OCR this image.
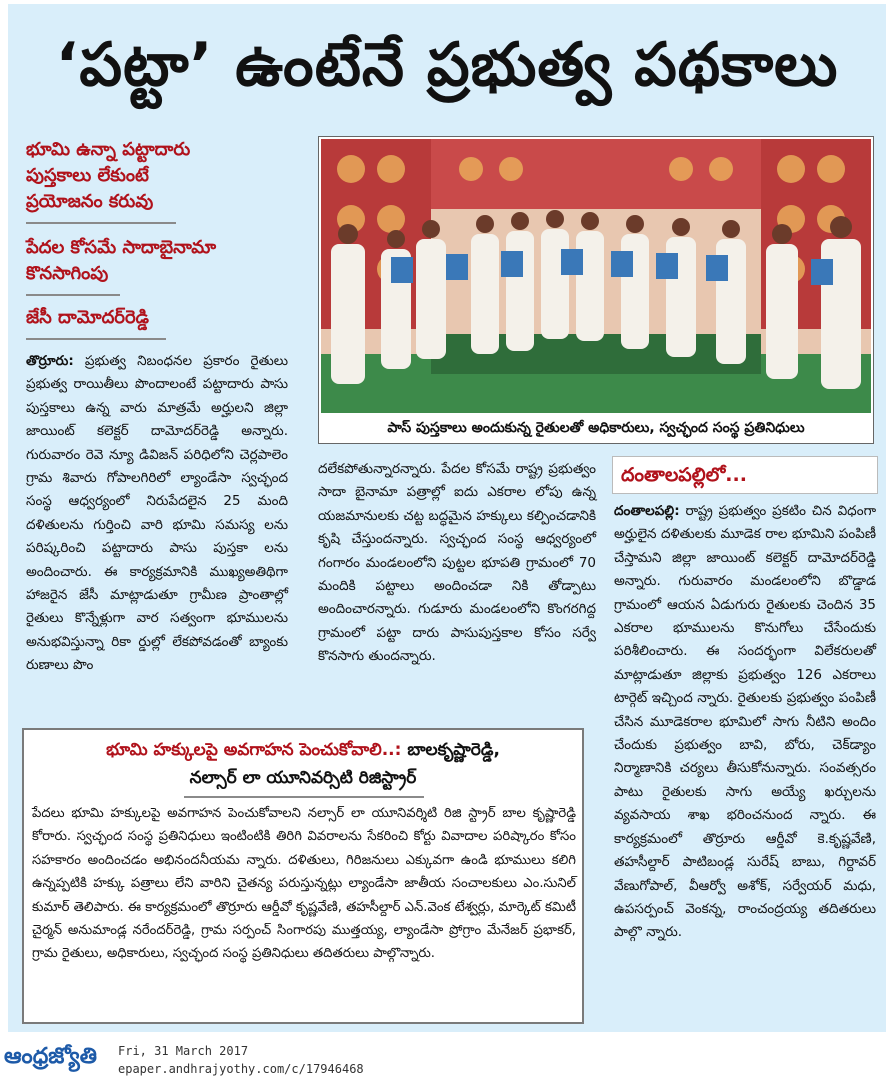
‘పట్టా’ ఉంటేనే ప్రభుత్వ పథకాలు
భూమి ఉన్నా పట్టాదారు
పుస్తకాలు లేకుంటే
ప్రయోజనం కరువు
పేదల కోసమే సాదాబైనామా
కొనసాగింపు
జేసీ దామోదర్‌రెడ్డి
పాస్ పుస్తకాలు అందుకున్న రైతులతో అధికారులు, స్వచ్ఛంద సంస్థ ప్రతినిధులు
తొర్రూరు: ప్రభుత్వ నిబంధనల ప్రకారం రైతులు ప్రభుత్వ రాయితీలు పొందాలంటే పట్టాదారు పాసు పుస్తకాలు ఉన్న వారు మాత్రమే అర్హులని జిల్లా జాయింట్ కలెక్టర్ దామోదర్‌రెడ్డి అన్నారు. గురువారం రెవె న్యూ డివిజన్ పరిధిలోని చెర్లపాలెం గ్రామ శివారు గోపాలగిరిలో ల్యాండేసా స్వచ్ఛంద సంస్థ ఆధ్వర్యంలో నిరుపేదలైన 25 మంది దళితులను గుర్తించి వారి భూమి సమస్య లను పరిష్కరించి పట్టాదారు పాసు పుస్తకా లను అందించారు. ఈ కార్యక్రమానికి ముఖ్యఅతిథిగా హాజరైన జేసీ మాట్లాడుతూ గ్రామీణ ప్రాంతాల్లో రైతులు కొన్నేళ్లుగా వార సత్వంగా భూములను అనుభవిస్తున్నా రికా ర్డుల్లో లేకపోవడంతో బ్యాంకు రుణాలు పొం
దలేకపోతున్నారన్నారు. పేదల కోసమే రాష్ట్ర ప్రభుత్వం సాదా బైనామా పత్రాల్లో ఐదు ఎకరాల లోపు ఉన్న యజమానులకు చట్ట బద్ధమైన హక్కులు కల్పించడానికి కృషి చేస్తుందన్నారు. స్వచ్ఛంద సంస్థ ఆధ్వర్యంలో గంగారం మండలంలోని పుట్టల భూపతి గ్రామంలో 70 మందికి పట్టాలు అందించడా నికి తోడ్పాటు అందించారన్నారు. గుడూరు మండలంలోని కొంగరగిద్ద గ్రామంలో పట్టా దారు పాసుపుస్తకాల కోసం సర్వే కొనసాగు తుందన్నారు.
దంతాలపల్లిలో...
దంతాలపల్లి: రాష్ట్ర ప్రభుత్వం ప్రకటిం చిన విధంగా అర్హులైన దళితులకు మూడెక రాల భూమిని పంపిణీ చేస్తామని జిల్లా జాయింట్ కలెక్టర్ దామోదర్‌రెడ్డి అన్నారు. గురువారం మండలంలోని బొడ్డాడ గ్రామంలో ఆయన ఏడుగురు రైతులకు చెందిన 35 ఎకరాల భూములను కొనుగోలు చేసేందుకు పరిశీలించారు. ఈ సందర్భంగా విలేకరులతో మాట్లాడుతూ జిల్లాకు ప్రభుత్వం 126 ఎకరాలు టార్గెట్ ఇచ్చింద న్నారు. రైతులకు ప్రభుత్వం పంపిణీ చేసిన మూడెకరాల భూమిలో సాగు నీటిని అందిం చేందుకు ప్రభుత్వం బావి, బోరు, చెక్‌డ్యాం నిర్మాణానికి చర్యలు తీసుకోనున్నారు. సంవత్సరం పాటు రైతులకు సాగు అయ్యే ఖర్చులను వ్యవసాయ శాఖ భరించనుంద న్నారు. ఈ కార్యక్రమంలో తొర్రూరు ఆర్డీవో కె.కృష్ణవేణి, తహసీల్దార్ పాటిబండ్ల సురేష్ బాబు, గిర్దావర్ వేణుగోపాల్, వీఆర్వో అశోక్, సర్వేయర్ మధు, ఉపసర్పంచ్ వెంకన్న, రాంచంద్రయ్య తదితరులు పాల్గొ న్నారు.
భూమి హక్కులపై అవగాహన పెంచుకోవాలి..: బాలకృష్ణారెడ్డి,
నల్సార్ లా యూనివర్సిటి రిజిస్ట్రార్
పేదలు భూమి హక్కులపై అవగాహన పెంచుకోవాలని నల్సార్ లా యూనివర్శిటి రిజి స్ట్రార్ బాల కృష్ణారెడ్డి కోరారు. స్వచ్ఛంద సంస్థ ప్రతినిధులు ఇంటింటికి తిరిగి వివరాలను సేకరించి కోర్టు వివాదాల పరిష్కారం కోసం సహకారం అందించడం అభినందనీయమ న్నారు. దళితులు, గిరిజనులు ఎక్కువగా ఉండి భూములు కలిగి ఉన్నప్పటికి హక్కు పత్రాలు లేని వారిని చైతన్య పరుస్తున్నట్లు ల్యాండేసా జాతీయ సంచాలకులు ఎం.సునిల్ కుమార్ తెలిపారు. ఈ కార్యక్రమంలో తొర్రూరు ఆర్డీవో కృష్ణవేణి, తహసీల్దార్ ఎన్.వెంక టేశ్వర్లు, మార్కెట్ కమిటీ చైర్మన్ అనుమాండ్ల నరేందర్‌రెడ్డి, గ్రామ సర్పంచ్ సింగారపు ముత్తయ్య, ల్యాండేసా ప్రోగ్రాం మేనేజర్ ప్రభాకర్, గ్రామ రైతులు, అధికారులు, స్వచ్ఛంద సంస్థ ప్రతినిధులు తదితరులు పాల్గొన్నారు.
ఆంధ్రజ్యోతి Fri, 31 March 2017
epaper.andhrajyothy.com/c/17946468
